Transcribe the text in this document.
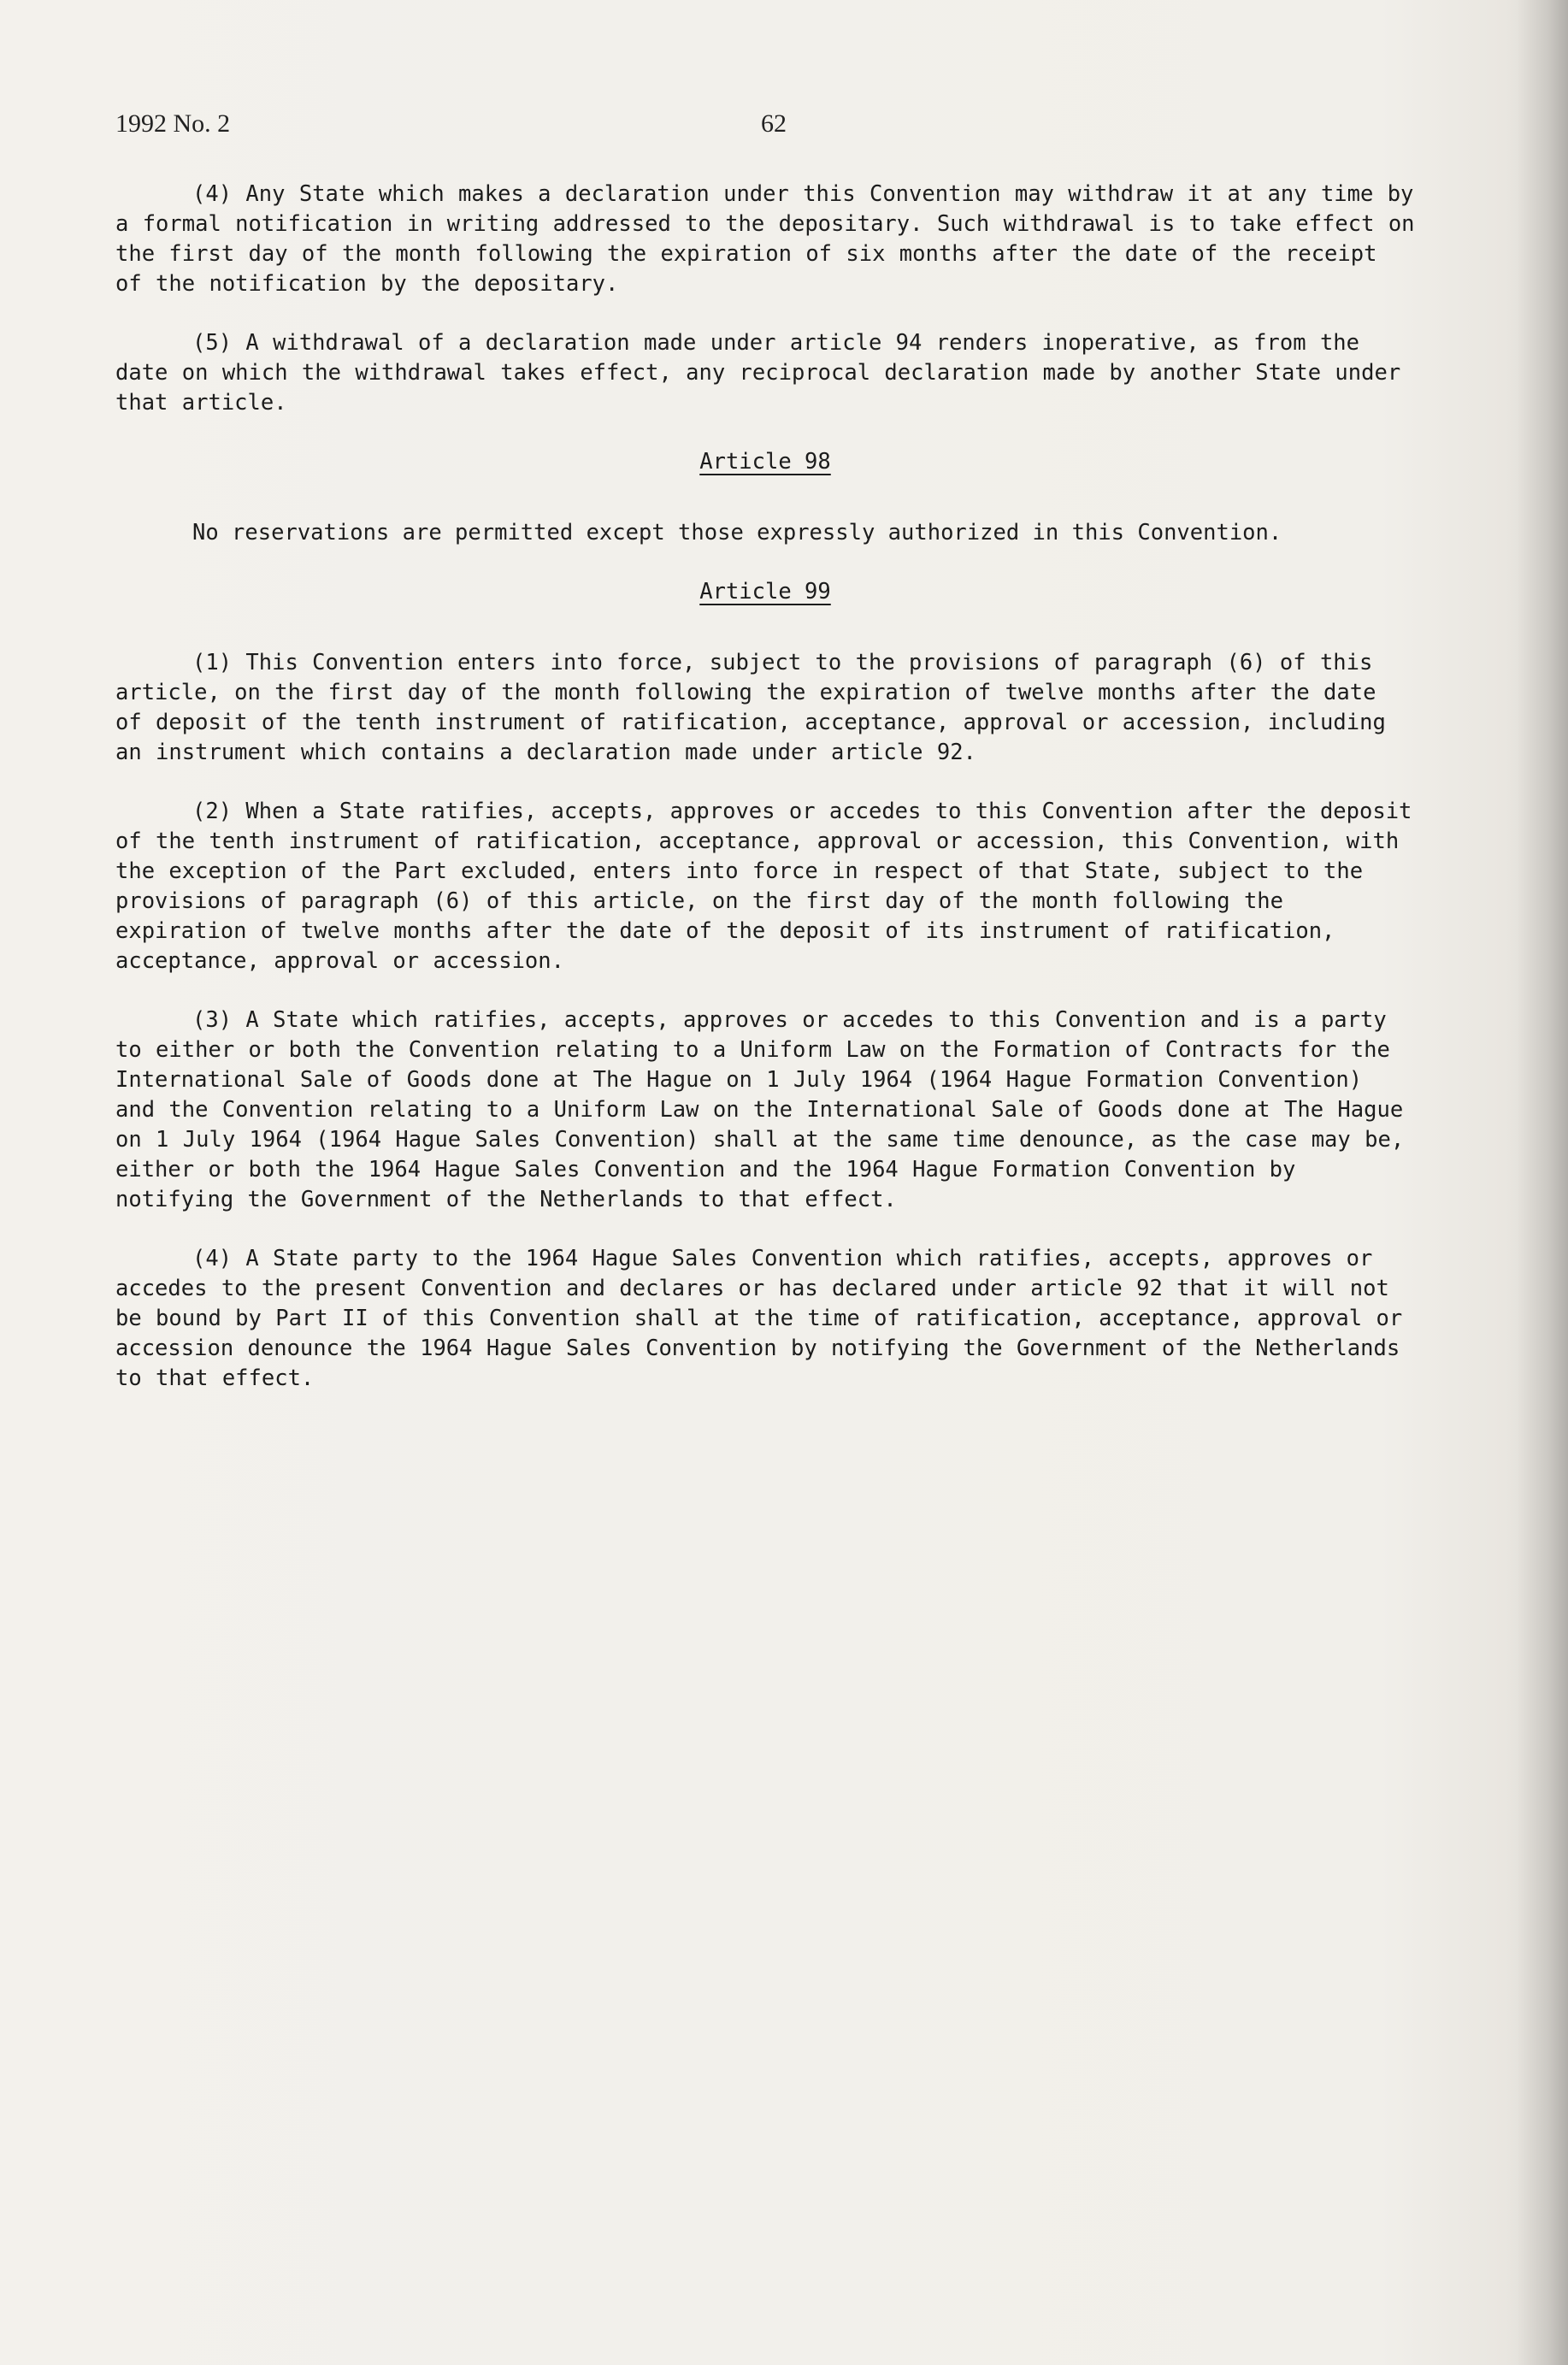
1992 No. 2	62

(4) Any State which makes a declaration under this Convention may withdraw it at any time by a formal notification in writing addressed to the depositary. Such withdrawal is to take effect on the first day of the month following the expiration of six months after the date of the receipt of the notification by the depositary.

(5) A withdrawal of a declaration made under article 94 renders inoperative, as from the date on which the withdrawal takes effect, any reciprocal declaration made by another State under that article.

Article 98

No reservations are permitted except those expressly authorized in this Convention.

Article 99

(1) This Convention enters into force, subject to the provisions of paragraph (6) of this article, on the first day of the month following the expiration of twelve months after the date of deposit of the tenth instrument of ratification, acceptance, approval or accession, including an instrument which contains a declaration made under article 92.

(2) When a State ratifies, accepts, approves or accedes to this Convention after the deposit of the tenth instrument of ratification, acceptance, approval or accession, this Convention, with the exception of the Part excluded, enters into force in respect of that State, subject to the provisions of paragraph (6) of this article, on the first day of the month following the expiration of twelve months after the date of the deposit of its instrument of ratification, acceptance, approval or accession.

(3) A State which ratifies, accepts, approves or accedes to this Convention and is a party to either or both the Convention relating to a Uniform Law on the Formation of Contracts for the International Sale of Goods done at The Hague on 1 July 1964 (1964 Hague Formation Convention) and the Convention relating to a Uniform Law on the International Sale of Goods done at The Hague on 1 July 1964 (1964 Hague Sales Convention) shall at the same time denounce, as the case may be, either or both the 1964 Hague Sales Convention and the 1964 Hague Formation Convention by notifying the Government of the Netherlands to that effect.

(4) A State party to the 1964 Hague Sales Convention which ratifies, accepts, approves or accedes to the present Convention and declares or has declared under article 92 that it will not be bound by Part II of this Convention shall at the time of ratification, acceptance, approval or accession denounce the 1964 Hague Sales Convention by notifying the Government of the Netherlands to that effect.
